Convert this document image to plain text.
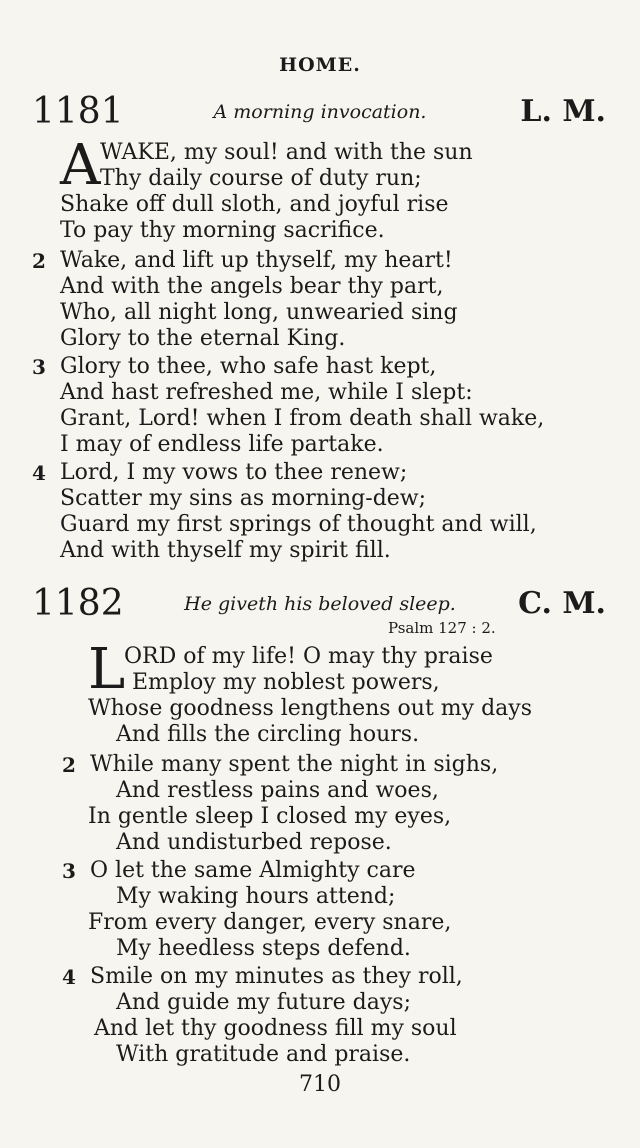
HOME.
1181	A morning invocation.	L. M.
A WAKE, my soul! and with the sun
Thy daily course of duty run;
Shake off dull sloth, and joyful rise
To pay thy morning sacrifice.
2 Wake, and lift up thyself, my heart!
And with the angels bear thy part,
Who, all night long, unwearied sing
Glory to the eternal King.
3 Glory to thee, who safe hast kept,
And hast refreshed me, while I slept:
Grant, Lord! when I from death shall wake,
I may of endless life partake.
4 Lord, I my vows to thee renew;
Scatter my sins as morning-dew;
Guard my first springs of thought and will,
And with thyself my spirit fill.
1182	He giveth his beloved sleep.	C. M.
Psalm 127 : 2.
L
ORD of my life! O may thy praise
Employ my noblest powers,
Whose goodness lengthens out my days
And fills the circling hours.
2 While many spent the night in sighs,
And restless pains and woes,
In gentle sleep I closed my eyes,
And undisturbed repose.
3 O let the same Almighty care
My waking hours attend;
From every danger, every snare,
My heedless steps defend.
4 Smile on my minutes as they roll,
And guide my future days;
And let thy goodness fill my soul
With gratitude and praise.
710
